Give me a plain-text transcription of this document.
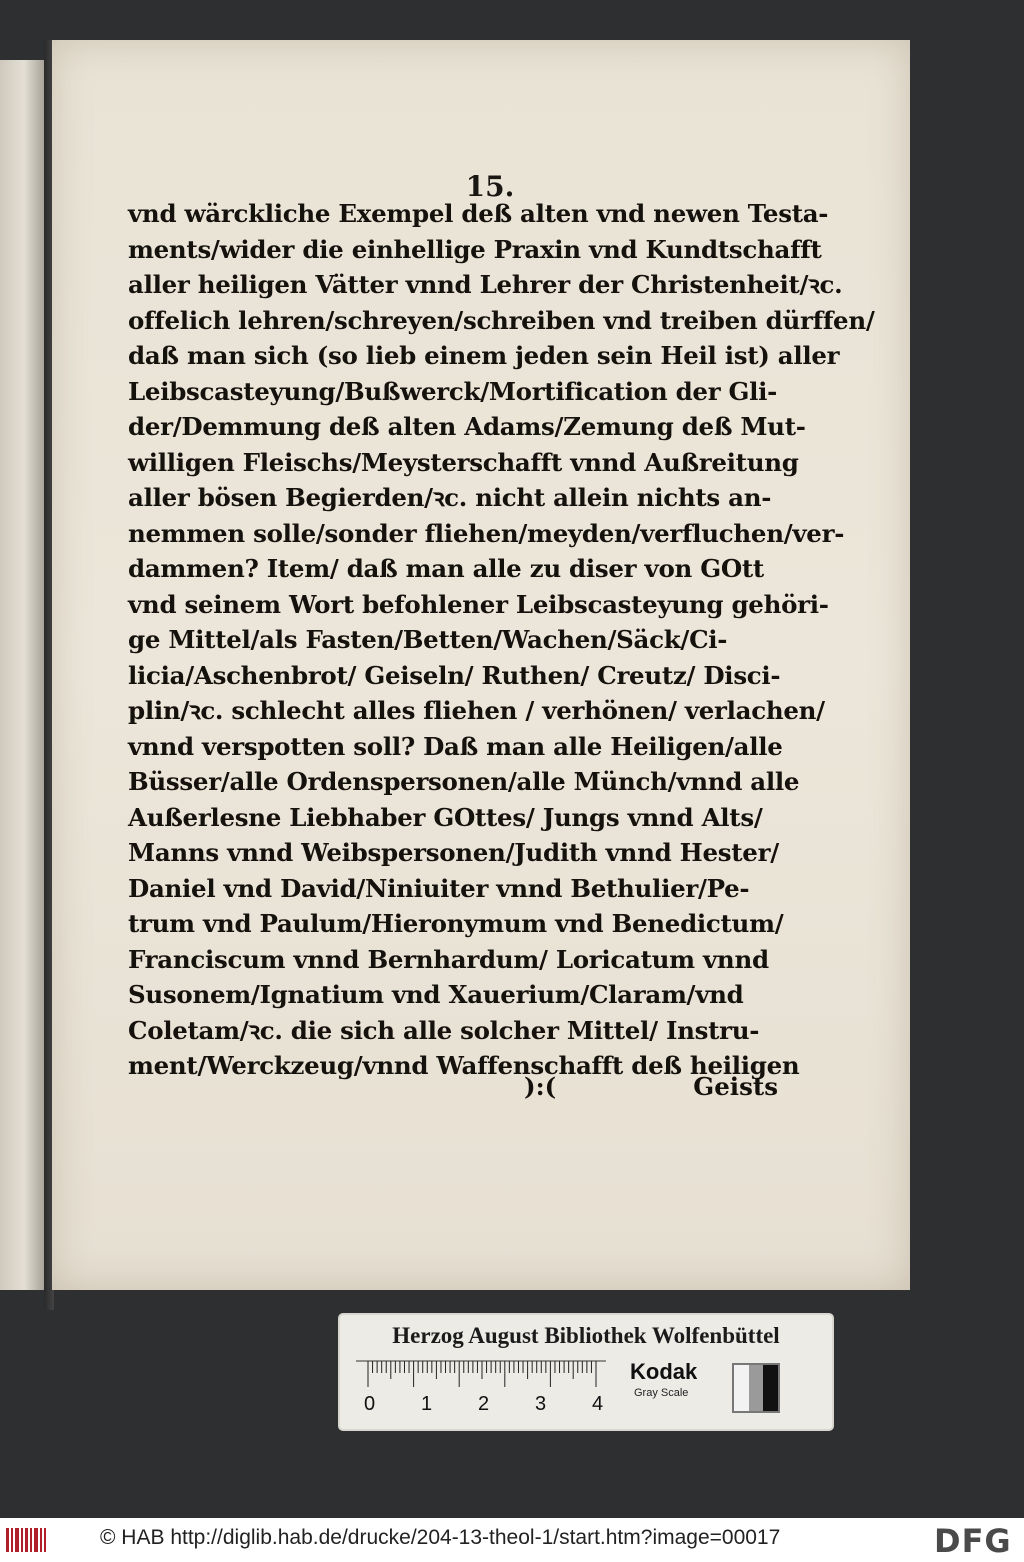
15.
vnd wärckliche Exempel deß alten vnd newen Testa-
ments/wider die einhellige Praxin vnd Kundtschafft
aller heiligen Vätter vnnd Lehrer der Christenheit/ꝛc.
offelich lehren/schreyen/schreiben vnd treiben dürffen/
daß man sich (so lieb einem jeden sein Heil ist) aller
Leibscasteyung/Bußwerck/Mortification der Gli-
der/Demmung deß alten Adams/Zemung deß Mut-
willigen Fleischs/Meysterschafft vnnd Außreitung
aller bösen Begierden/ꝛc. nicht allein nichts an-
nemmen solle/sonder fliehen/meyden/verfluchen/ver-
dammen? Item/ daß man alle zu diser von GOtt
vnd seinem Wort befohlener Leibscasteyung gehöri-
ge Mittel/als Fasten/Betten/Wachen/Säck/Ci-
licia/Aschenbrot/ Geiseln/ Ruthen/ Creutz/ Disci-
plin/ꝛc. schlecht alles fliehen / verhönen/ verlachen/
vnnd verspotten soll? Daß man alle Heiligen/alle
Büsser/alle Ordenspersonen/alle Münch/vnnd alle
Außerlesne Liebhaber GOttes/ Jungs vnnd Alts/
Manns vnnd Weibspersonen/Judith vnnd Hester/
Daniel vnd David/Niniuiter vnnd Bethulier/Pe-
trum vnd Paulum/Hieronymum vnd Benedictum/
Franciscum vnnd Bernhardum/ Loricatum vnnd
Susonem/Ignatium vnd Xauerium/Claram/vnd
Coletam/ꝛc. die sich alle solcher Mittel/ Instru-
ment/Werckzeug/vnnd Waffenschafft deß heiligen
):(	Geists
Herzog August Bibliothek Wolfenbüttel
0 1 2 3 4
Kodak
Gray Scale
© HAB http://diglib.hab.de/drucke/204-13-theol-1/start.htm?image=00017	DFG
